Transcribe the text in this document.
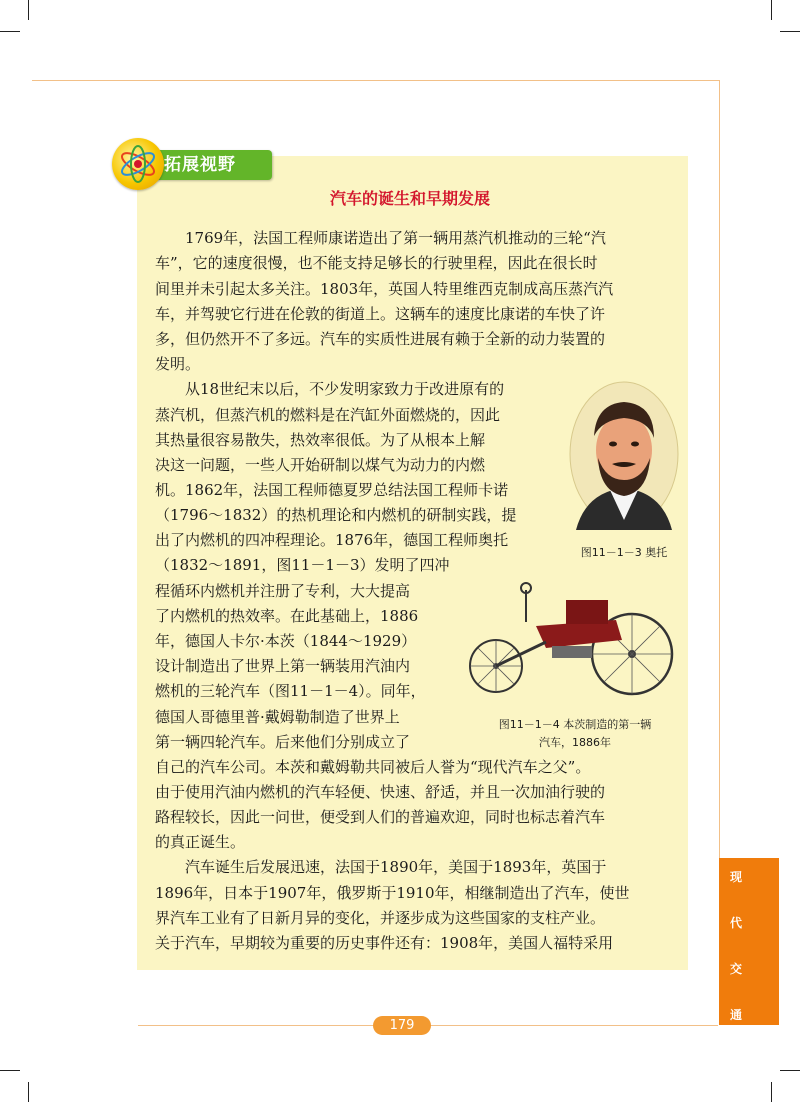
拓展视野
汽车的诞生和早期发展
1769年，法国工程师康诺造出了第一辆用蒸汽机推动的三轮“汽
车”，它的速度很慢，也不能支持足够长的行驶里程，因此在很长时
间里并未引起太多关注。1803年，英国人特里维西克制成高压蒸汽汽
车，并驾驶它行进在伦敦的街道上。这辆车的速度比康诺的车快了许
多，但仍然开不了多远。汽车的实质性进展有赖于全新的动力装置的
发明。
从18世纪末以后，不少发明家致力于改进原有的
蒸汽机，但蒸汽机的燃料是在汽缸外面燃烧的，因此
其热量很容易散失，热效率很低。为了从根本上解
决这一问题，一些人开始研制以煤气为动力的内燃
机。1862年，法国工程师德夏罗总结法国工程师卡诺
（1796～1832）的热机理论和内燃机的研制实践，提
出了内燃机的四冲程理论。1876年，德国工程师奥托
（1832～1891，图11－1－3）发明了四冲
程循环内燃机并注册了专利，大大提高
了内燃机的热效率。在此基础上，1886
年，德国人卡尔·本茨（1844～1929）
设计制造出了世界上第一辆装用汽油内
燃机的三轮汽车（图11－1－4）。同年，
德国人哥德里普·戴姆勒制造了世界上
第一辆四轮汽车。后来他们分别成立了
自己的汽车公司。本茨和戴姆勒共同被后人誉为“现代汽车之父”。
由于使用汽油内燃机的汽车轻便、快速、舒适，并且一次加油行驶的
路程较长，因此一问世，便受到人们的普遍欢迎，同时也标志着汽车
的真正诞生。
汽车诞生后发展迅速，法国于1890年，美国于1893年，英国于
1896年，日本于1907年，俄罗斯于1910年，相继制造出了汽车，使世
界汽车工业有了日新月异的变化，并逐步成为这些国家的支柱产业。
关于汽车，早期较为重要的历史事件还有：1908年，美国人福特采用
图11－1－3 奥托
图11－1－4 本茨制造的第一辆
汽车，1886年
现
代
交
通
179
